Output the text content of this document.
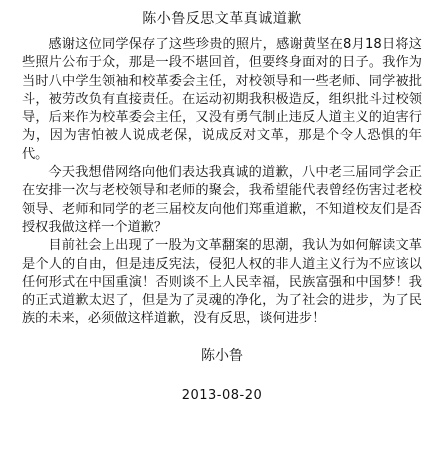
陈小鲁反思文革真诚道歉

感谢这位同学保存了这些珍贵的照片，感谢黄坚在8月18日将这些照片公布于众，那是一段不堪回首，但要终身面对的日子。我作为当时八中学生领袖和校革委会主任，对校领导和一些老师、同学被批斗，被劳改负有直接责任。在运动初期我积极造反，组织批斗过校领导，后来作为校革委会主任，又没有勇气制止违反人道主义的迫害行为，因为害怕被人说成老保，说成反对文革，那是个令人恐惧的年代。

今天我想借网络向他们表达我真诚的道歉，八中老三届同学会正在安排一次与老校领导和老师的聚会，我希望能代表曾经伤害过老校领导、老师和同学的老三届校友向他们郑重道歉，不知道校友们是否授权我做这样一个道歉？

目前社会上出现了一股为文革翻案的思潮，我认为如何解读文革是个人的自由，但是违反宪法，侵犯人权的非人道主义行为不应该以任何形式在中国重演！否则谈不上人民幸福，民族富强和中国梦！我的正式道歉太迟了，但是为了灵魂的净化，为了社会的进步，为了民族的未来，必须做这样道歉，没有反思，谈何进步！

陈小鲁
2013-08-20
